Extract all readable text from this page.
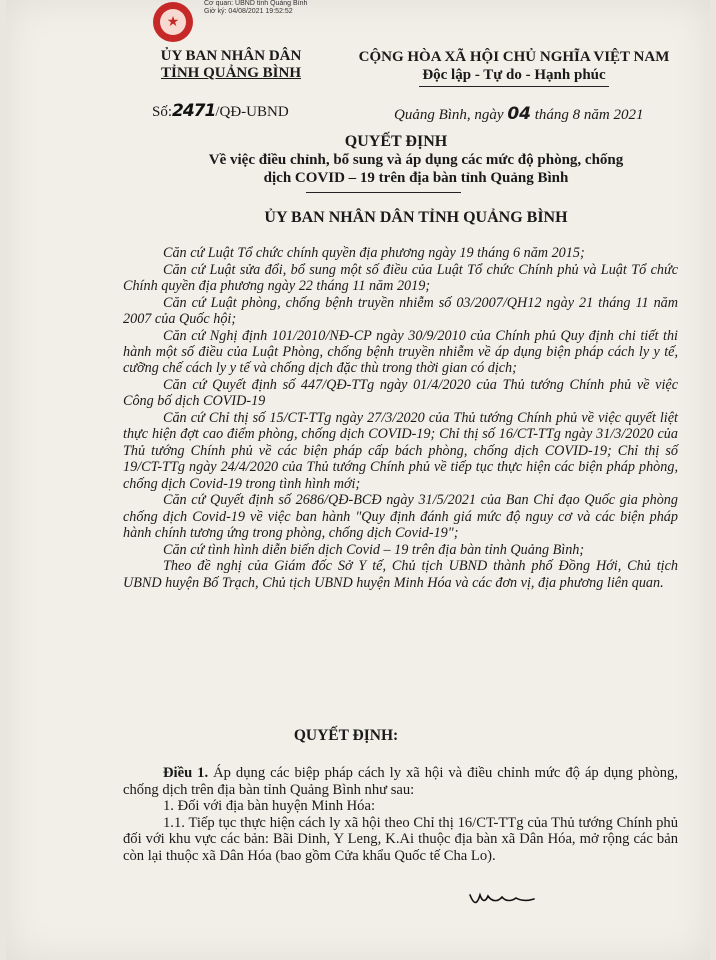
★
Cơ quan: UBND tỉnh Quảng Bình
Giờ ký: 04/08/2021 19:52:52
ỦY BAN NHÂN DÂN
TỈNH QUẢNG BÌNH
CỘNG HÒA XÃ HỘI CHỦ NGHĨA VIỆT NAM
Độc lập - Tự do - Hạnh phúc
Số:2471/QĐ-UBND	Quảng Bình, ngày 04 tháng 8 năm 2021
QUYẾT ĐỊNH
Về việc điều chỉnh, bổ sung và áp dụng các mức độ phòng, chống
dịch COVID – 19 trên địa bàn tỉnh Quảng Bình
ỦY BAN NHÂN DÂN TỈNH QUẢNG BÌNH

Căn cứ Luật Tổ chức chính quyền địa phương ngày 19 tháng 6 năm 2015;

Căn cứ Luật sửa đổi, bổ sung một số điều của Luật Tổ chức Chính phủ và Luật Tổ chức Chính quyền địa phương ngày 22 tháng 11 năm 2019;

Căn cứ Luật phòng, chống bệnh truyền nhiễm số 03/2007/QH12 ngày 21 tháng 11 năm 2007 của Quốc hội;

Căn cứ Nghị định 101/2010/NĐ-CP ngày 30/9/2010 của Chính phủ Quy định chi tiết thi hành một số điều của Luật Phòng, chống bệnh truyền nhiễm về áp dụng biện pháp cách ly y tế, cưỡng chế cách ly y tế và chống dịch đặc thù trong thời gian có dịch;

Căn cứ Quyết định số 447/QĐ-TTg ngày 01/4/2020 của Thủ tướng Chính phủ về việc Công bố dịch COVID-19

Căn cứ Chỉ thị số 15/CT-TTg ngày 27/3/2020 của Thủ tướng Chính phủ về việc quyết liệt thực hiện đợt cao điểm phòng, chống dịch COVID-19; Chỉ thị số 16/CT-TTg ngày 31/3/2020 của Thủ tướng Chính phủ về các biện pháp cấp bách phòng, chống dịch COVID-19; Chỉ thị số 19/CT-TTg ngày 24/4/2020 của Thủ tướng Chính phủ về tiếp tục thực hiện các biện pháp phòng, chống dịch Covid-19 trong tình hình mới;

Căn cứ Quyết định số 2686/QĐ-BCĐ ngày 31/5/2021 của Ban Chỉ đạo Quốc gia phòng chống dịch Covid-19 về việc ban hành "Quy định đánh giá mức độ nguy cơ và các biện pháp hành chính tương ứng trong phòng, chống dịch Covid-19";

Căn cứ tình hình diễn biến dịch Covid – 19 trên địa bàn tỉnh Quảng Bình;

Theo đề nghị của Giám đốc Sở Y tế, Chủ tịch UBND thành phố Đồng Hới, Chủ tịch UBND huyện Bố Trạch, Chủ tịch UBND huyện Minh Hóa và các đơn vị, địa phương liên quan.

QUYẾT ĐỊNH:

Điều 1. Áp dụng các biệp pháp cách ly xã hội và điều chỉnh mức độ áp dụng phòng, chống dịch trên địa bàn tỉnh Quảng Bình như sau:

1. Đối với địa bàn huyện Minh Hóa:

1.1. Tiếp tục thực hiện cách ly xã hội theo Chỉ thị 16/CT-TTg của Thủ tướng Chính phủ đối với khu vực các bản: Bãi Dinh, Y Leng, K.Ai thuộc địa bàn xã Dân Hóa, mở rộng các bản còn lại thuộc xã Dân Hóa (bao gồm Cửa khẩu Quốc tế Cha Lo).
